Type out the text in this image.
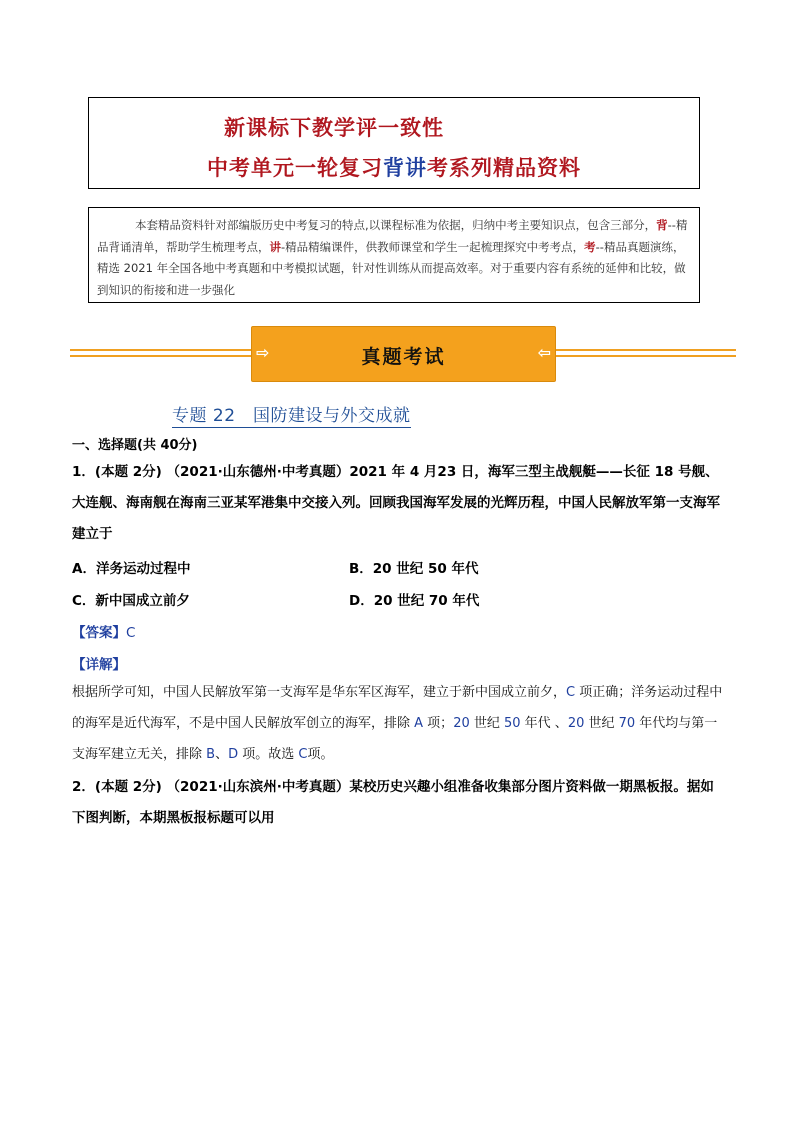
新课标下教学评一致性
中考单元一轮复习背讲考系列精品资料
本套精品资料针对部编版历史中考复习的特点,以课程标准为依据，归纳中考主要知识点，包含三部分，背--精品背诵清单，帮助学生梳理考点，讲-精品精编课件，供教师课堂和学生一起梳理探究中考考点，考--精品真题演练，精选 2021 年全国各地中考真题和中考模拟试题，针对性训练从而提高效率。对于重要内容有系统的延伸和比较，做到知识的衔接和进一步强化
⇨	真题考试	⇦
专题 22　国防建设与外交成就
一、选择题(共 40分)
1．(本题 2分) （2021·山东德州·中考真题）2021 年 4 月23 日，海军三型主战舰艇——长征 18 号舰、大连舰、海南舰在海南三亚某军港集中交接入列。回顾我国海军发展的光辉历程，中国人民解放军第一支海军建立于
A．洋务运动过程中	B．20 世纪 50 年代
C．新中国成立前夕	D．20 世纪 70 年代
【答案】C
【详解】
根据所学可知，中国人民解放军第一支海军是华东军区海军，建立于新中国成立前夕，C 项正确；洋务运动过程中的海军是近代海军，不是中国人民解放军创立的海军，排除 A 项；20 世纪 50 年代 、20 世纪 70 年代均与第一支海军建立无关，排除 B、D 项。故选 C项。
2．(本题 2分) （2021·山东滨州·中考真题）某校历史兴趣小组准备收集部分图片资料做一期黑板报。据如下图判断，本期黑板报标题可以用
